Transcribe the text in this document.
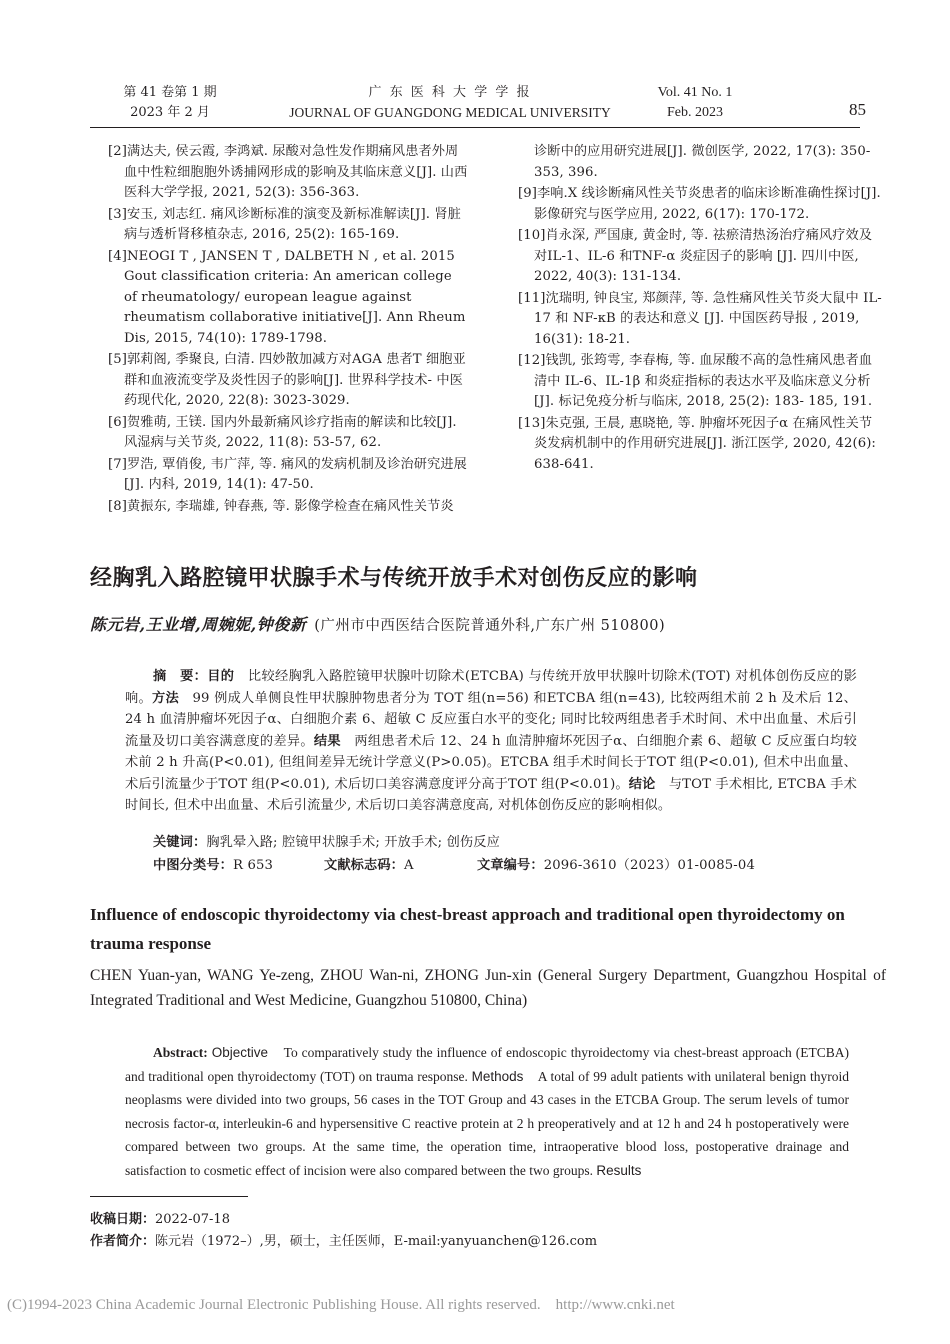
第 41 卷第 1 期
2023 年 2 月
广 东 医 科 大 学 学 报
JOURNAL OF GUANGDONG MEDICAL UNIVERSITY
Vol. 41 No. 1
Feb. 2023	85

[2]满达夫, 侯云霞, 李鸿斌. 尿酸对急性发作期痛风患者外周血中性粒细胞胞外诱捕网形成的影响及其临床意义[J]. 山西医科大学学报, 2021, 52(3): 356-363.

[3]安玉, 刘志红. 痛风诊断标准的演变及新标准解读[J]. 肾脏病与透析肾移植杂志, 2016, 25(2): 165-169.

[4]NEOGI T , JANSEN T , DALBETH N , et al. 2015 Gout classification criteria: An american college of rheumatology/ european league against rheumatism collaborative initiative[J]. Ann Rheum Dis, 2015, 74(10): 1789-1798.

[5]郭莉阁, 季聚良, 白清. 四妙散加减方对AGA 患者T 细胞亚群和血液流变学及炎性因子的影响[J]. 世界科学技术- 中医药现代化, 2020, 22(8): 3023-3029.

[6]贺雅萌, 王镁. 国内外最新痛风诊疗指南的解读和比较[J]. 风湿病与关节炎, 2022, 11(8): 53-57, 62.

[7]罗浩, 覃俏俊, 韦广萍, 等. 痛风的发病机制及诊治研究进展[J]. 内科, 2019, 14(1): 47-50.

[8]黄振东, 李瑞雄, 钟春燕, 等. 影像学检查在痛风性关节炎

诊断中的应用研究进展[J]. 微创医学, 2022, 17(3): 350-353, 396.

[9]李响.X 线诊断痛风性关节炎患者的临床诊断准确性探讨[J]. 影像研究与医学应用, 2022, 6(17): 170-172.

[10]肖永深, 严国康, 黄金时, 等. 祛瘀清热汤治疗痛风疗效及对IL-1、IL-6 和TNF-α 炎症因子的影响 [J]. 四川中医, 2022, 40(3): 131-134.

[11]沈瑞明, 钟良宝, 郑颜萍, 等. 急性痛风性关节炎大鼠中 IL-17 和 NF-κB 的表达和意义 [J]. 中国医药导报 , 2019, 16(31): 18-21.

[12]钱凯, 张筠雩, 李春梅, 等. 血尿酸不高的急性痛风患者血清中 IL-6、IL-1β 和炎症指标的表达水平及临床意义分析[J]. 标记免疫分析与临床, 2018, 25(2): 183- 185, 191.

[13]朱克强, 王晨, 惠晓艳, 等. 肿瘤坏死因子α 在痛风性关节炎发病机制中的作用研究进展[J]. 浙江医学, 2020, 42(6): 638-641.

经胸乳入路腔镜甲状腺手术与传统开放手术对创伤反应的影响
陈元岩,王业增,周婉妮,钟俊新 (广州市中西医结合医院普通外科,广东广州 510800)
摘　要：目的　 比较经胸乳入路腔镜甲状腺叶切除术(ETCBA) 与传统开放甲状腺叶切除术(TOT) 对机体创伤反应的影响。方法　 99 例成人单侧良性甲状腺肿物患者分为 TOT 组(n=56) 和ETCBA 组(n=43), 比较两组术前 2 h 及术后 12、24 h 血清肿瘤坏死因子α、白细胞介素 6、超敏 C 反应蛋白水平的变化; 同时比较两组患者手术时间、术中出血量、术后引流量及切口美容满意度的差异。结果　 两组患者术后 12、24 h 血清肿瘤坏死因子α、白细胞介素 6、超敏 C 反应蛋白均较术前 2 h 升高(P<0.01), 但组间差异无统计学意义(P>0.05)。ETCBA 组手术时间长于TOT 组(P<0.01), 但术中出血量、术后引流量少于TOT 组(P<0.01), 术后切口美容满意度评分高于TOT 组(P<0.01)。结论　 与TOT 手术相比, ETCBA 手术时间长, 但术中出血量、术后引流量少, 术后切口美容满意度高, 对机体创伤反应的影响相似。
关键词：胸乳晕入路; 腔镜甲状腺手术; 开放手术; 创伤反应
中图分类号：R 653	文献标志码：A	文章编号：2096-3610（2023）01-0085-04
Influence of endoscopic thyroidectomy via chest-breast approach and traditional open thyroidectomy on trauma response
CHEN Yuan-yan, WANG Ye-zeng, ZHOU Wan-ni, ZHONG Jun-xin (General Surgery Department, Guangzhou Hospital of Integrated Traditional and West Medicine, Guangzhou 510800, China)
Abstract: Objective To comparatively study the influence of endoscopic thyroidectomy via chest-breast approach (ETCBA) and traditional open thyroidectomy (TOT) on trauma response. Methods A total of 99 adult patients with unilateral benign thyroid neoplasms were divided into two groups, 56 cases in the TOT Group and 43 cases in the ETCBA Group. The serum levels of tumor necrosis factor-α, interleukin-6 and hypersensitive C reactive protein at 2 h preoperatively and at 12 h and 24 h postoperatively were compared between two groups. At the same time, the operation time, intraoperative blood loss, postoperative drainage and satisfaction to cosmetic effect of incision were also compared between the two groups. Results
收稿日期：2022-07-18
作者简介：陈元岩（1972–）,男，硕士，主任医师，E-mail:yanyuanchen@126.com
(C)1994-2023 China Academic Journal Electronic Publishing House. All rights reserved.    http://www.cnki.net
